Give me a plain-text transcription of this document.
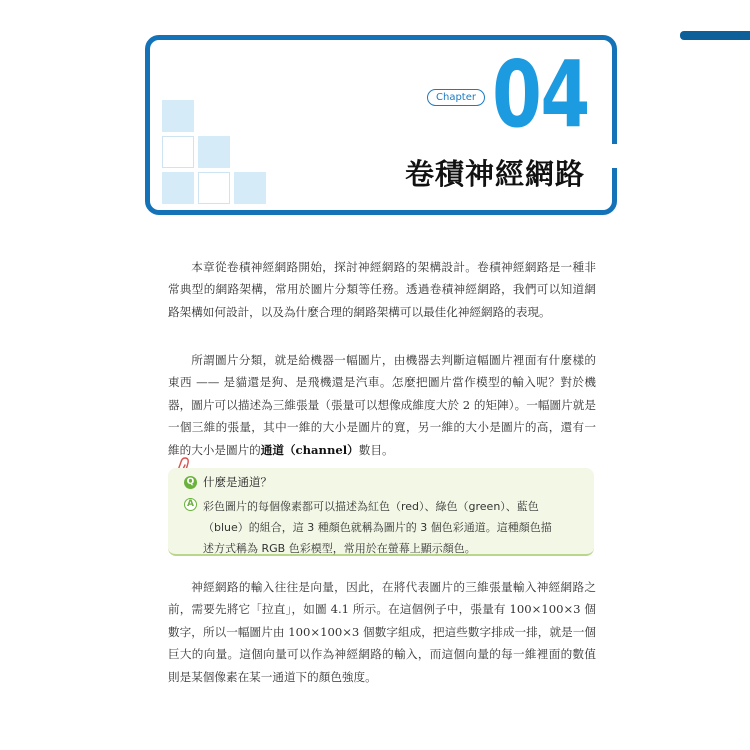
Chapter 04
卷積神經網路

本章從卷積神經網路開始，探討神經網路的架構設計。卷積神經網路是一種非常典型的網路架構，常用於圖片分類等任務。透過卷積神經網路，我們可以知道網路架構如何設計，以及為什麼合理的網路架構可以最佳化神經網路的表現。

所謂圖片分類，就是給機器一幅圖片，由機器去判斷這幅圖片裡面有什麼樣的東西 —— 是貓還是狗、是飛機還是汽車。怎麼把圖片當作模型的輸入呢？對於機器，圖片可以描述為三維張量（張量可以想像成維度大於 2 的矩陣）。一幅圖片就是一個三維的張量，其中一維的大小是圖片的寬，另一維的大小是圖片的高，還有一維的大小是圖片的通道（channel）數目。

Q 什麼是通道？
A 彩色圖片的每個像素都可以描述為紅色（red）、綠色（green）、藍色
（blue）的組合，這 3 種顏色就稱為圖片的 3 個色彩通道。這種顏色描
述方式稱為 RGB 色彩模型，常用於在螢幕上顯示顏色。

神經網路的輸入往往是向量，因此，在將代表圖片的三維張量輸入神經網路之前，需要先將它「拉直」，如圖 4.1 所示。在這個例子中，張量有 100×100×3 個數字，所以一幅圖片由 100×100×3 個數字組成，把這些數字排成一排，就是一個巨大的向量。這個向量可以作為神經網路的輸入，而這個向量的每一維裡面的數值則是某個像素在某一通道下的顏色強度。
